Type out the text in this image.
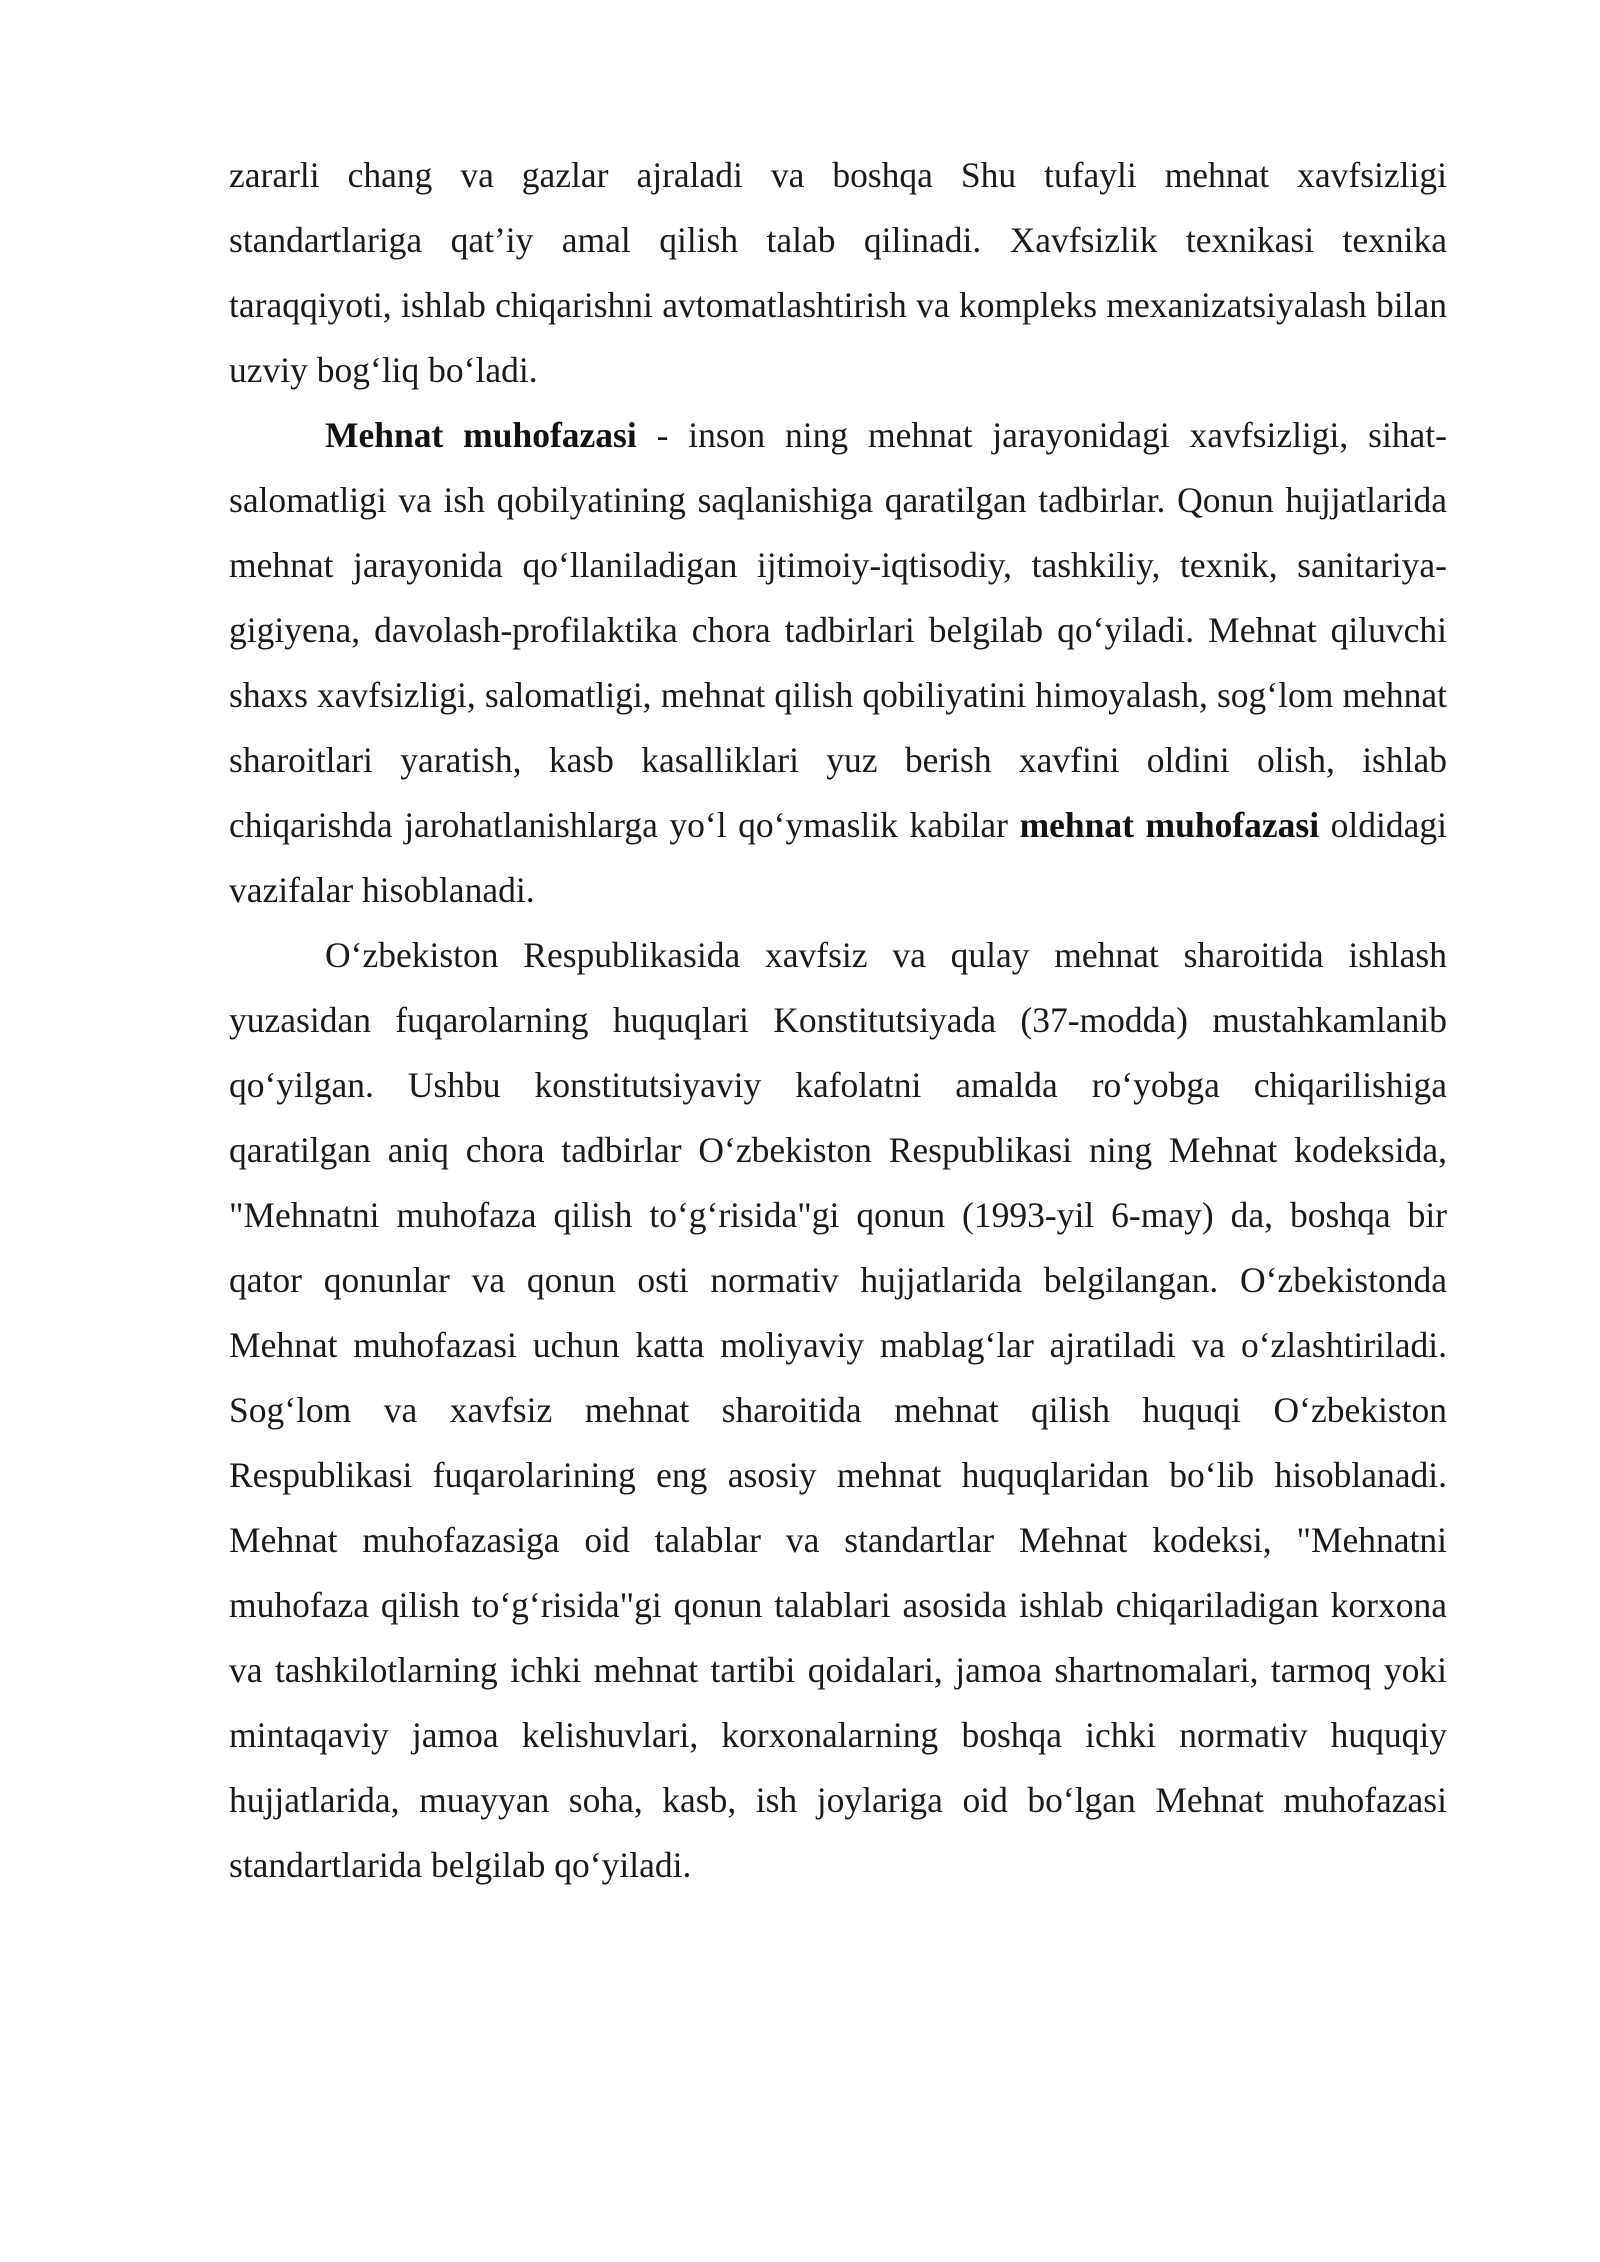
zararli chang va gazlar ajraladi va boshqa Shu tufayli mehnat xavfsizligi standartlariga qat’iy amal qilish talab qilinadi. Xavfsizlik texnikasi texnika taraqqiyoti, ishlab chiqarishni avtomatlashtirish va kompleks mexanizatsiyalash bilan uzviy bog‘liq bo‘ladi.

Mehnat muhofazasi - inson ning mehnat jarayonidagi xavfsizligi, sihat-salomatligi va ish qobilyatining saqlanishiga qaratilgan tadbirlar. Qonun hujjatlarida mehnat jarayonida qo‘llaniladigan ijtimoiy-iqtisodiy, tashkiliy, texnik, sanitariya-gigiyena, davolash-profilaktika chora tadbirlari belgilab qo‘yiladi. Mehnat qiluvchi shaxs xavfsizligi, salomatligi, mehnat qilish qobiliyatini himoyalash, sog‘lom mehnat sharoitlari yaratish, kasb kasalliklari yuz berish xavfini oldini olish, ishlab chiqarishda jarohatlanishlarga yo‘l qo‘ymaslik kabilar mehnat muhofazasi oldidagi vazifalar hisoblanadi.

O‘zbekiston Respublikasida xavfsiz va qulay mehnat sharoitida ishlash yuzasidan fuqarolarning huquqlari Konstitutsiyada (37-modda) mustahkamlanib qo‘yilgan. Ushbu konstitutsiyaviy kafolatni amalda ro‘yobga chiqarilishiga qaratilgan aniq chora tadbirlar O‘zbekiston Respublikasi ning Mehnat kodeksida, "Mehnatni muhofaza qilish to‘g‘risida"gi qonun (1993-yil 6-may) da, boshqa bir qator qonunlar va qonun osti normativ hujjatlarida belgilangan. O‘zbekistonda Mehnat muhofazasi uchun katta moliyaviy mablag‘lar ajratiladi va o‘zlashtiriladi. Sog‘lom va xavfsiz mehnat sharoitida mehnat qilish huquqi O‘zbekiston Respublikasi fuqarolarining eng asosiy mehnat huquqlaridan bo‘lib hisoblanadi. Mehnat muhofazasiga oid talablar va standartlar Mehnat kodeksi, "Mehnatni muhofaza qilish to‘g‘risida"gi qonun talablari asosida ishlab chiqariladigan korxona va tashkilotlarning ichki mehnat tartibi qoidalari, jamoa shartnomalari, tarmoq yoki mintaqaviy jamoa kelishuvlari, korxonalarning boshqa ichki normativ huquqiy hujjatlarida, muayyan soha, kasb, ish joylariga oid bo‘lgan Mehnat muhofazasi standartlarida belgilab qo‘yiladi.
